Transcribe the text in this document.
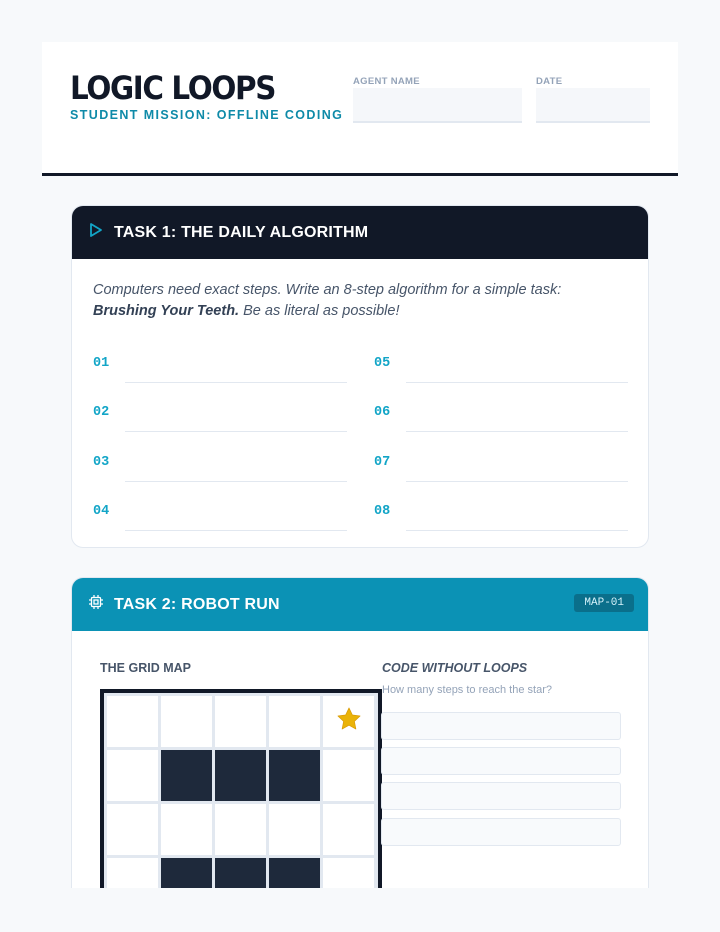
LOGIC LOOPS
STUDENT MISSION: OFFLINE CODING
AGENT NAME	DATE
TASK 1: THE DAILY ALGORITHM
Computers need exact steps. Write an 8-step algorithm for a simple task: Brushing Your Teeth. Be as literal as possible!
01
02
03
04
05
06
07
08
TASK 2: ROBOT RUN	MAP-01
THE GRID MAP	CODE WITHOUT LOOPS
How many steps to reach the star?
